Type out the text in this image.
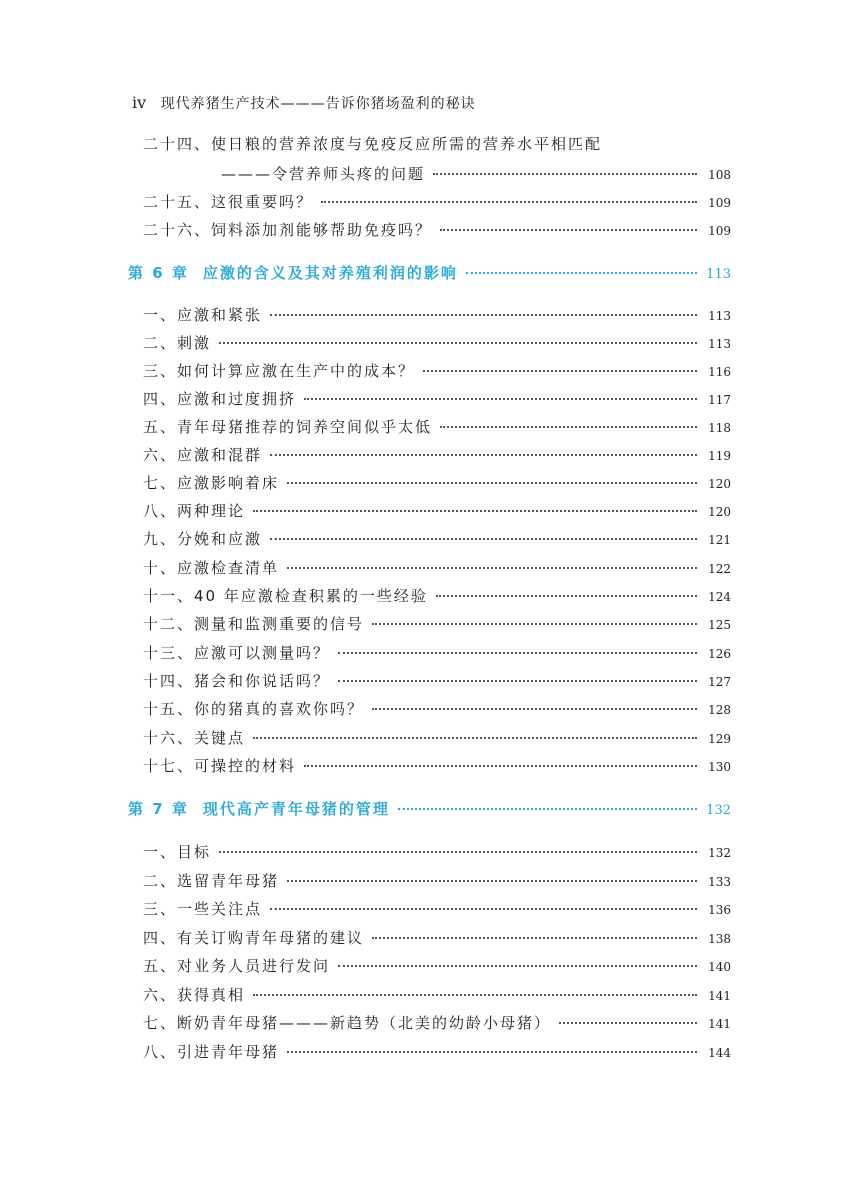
ⅳ 现代养猪生产技术———告诉你猪场盈利的秘诀
二十四、使日粮的营养浓度与免疫反应所需的营养水平相匹配
———令营养师头疼的问题	108
二十五、这很重要吗？	109
二十六、饲料添加剂能够帮助免疫吗？	109
第 6 章 应激的含义及其对养殖利润的影响	113
一、应激和紧张	113
二、刺激	113
三、如何计算应激在生产中的成本？	116
四、应激和过度拥挤	117
五、青年母猪推荐的饲养空间似乎太低	118
六、应激和混群	119
七、应激影响着床	120
八、两种理论	120
九、分娩和应激	121
十、应激检查清单	122
十一、40 年应激检查积累的一些经验	124
十二、测量和监测重要的信号	125
十三、应激可以测量吗？	126
十四、猪会和你说话吗？	127
十五、你的猪真的喜欢你吗？	128
十六、关键点	129
十七、可操控的材料	130
第 7 章 现代高产青年母猪的管理	132
一、目标	132
二、选留青年母猪	133
三、一些关注点	136
四、有关订购青年母猪的建议	138
五、对业务人员进行发问	140
六、获得真相	141
七、断奶青年母猪———新趋势（北美的幼龄小母猪）	141
八、引进青年母猪	144
